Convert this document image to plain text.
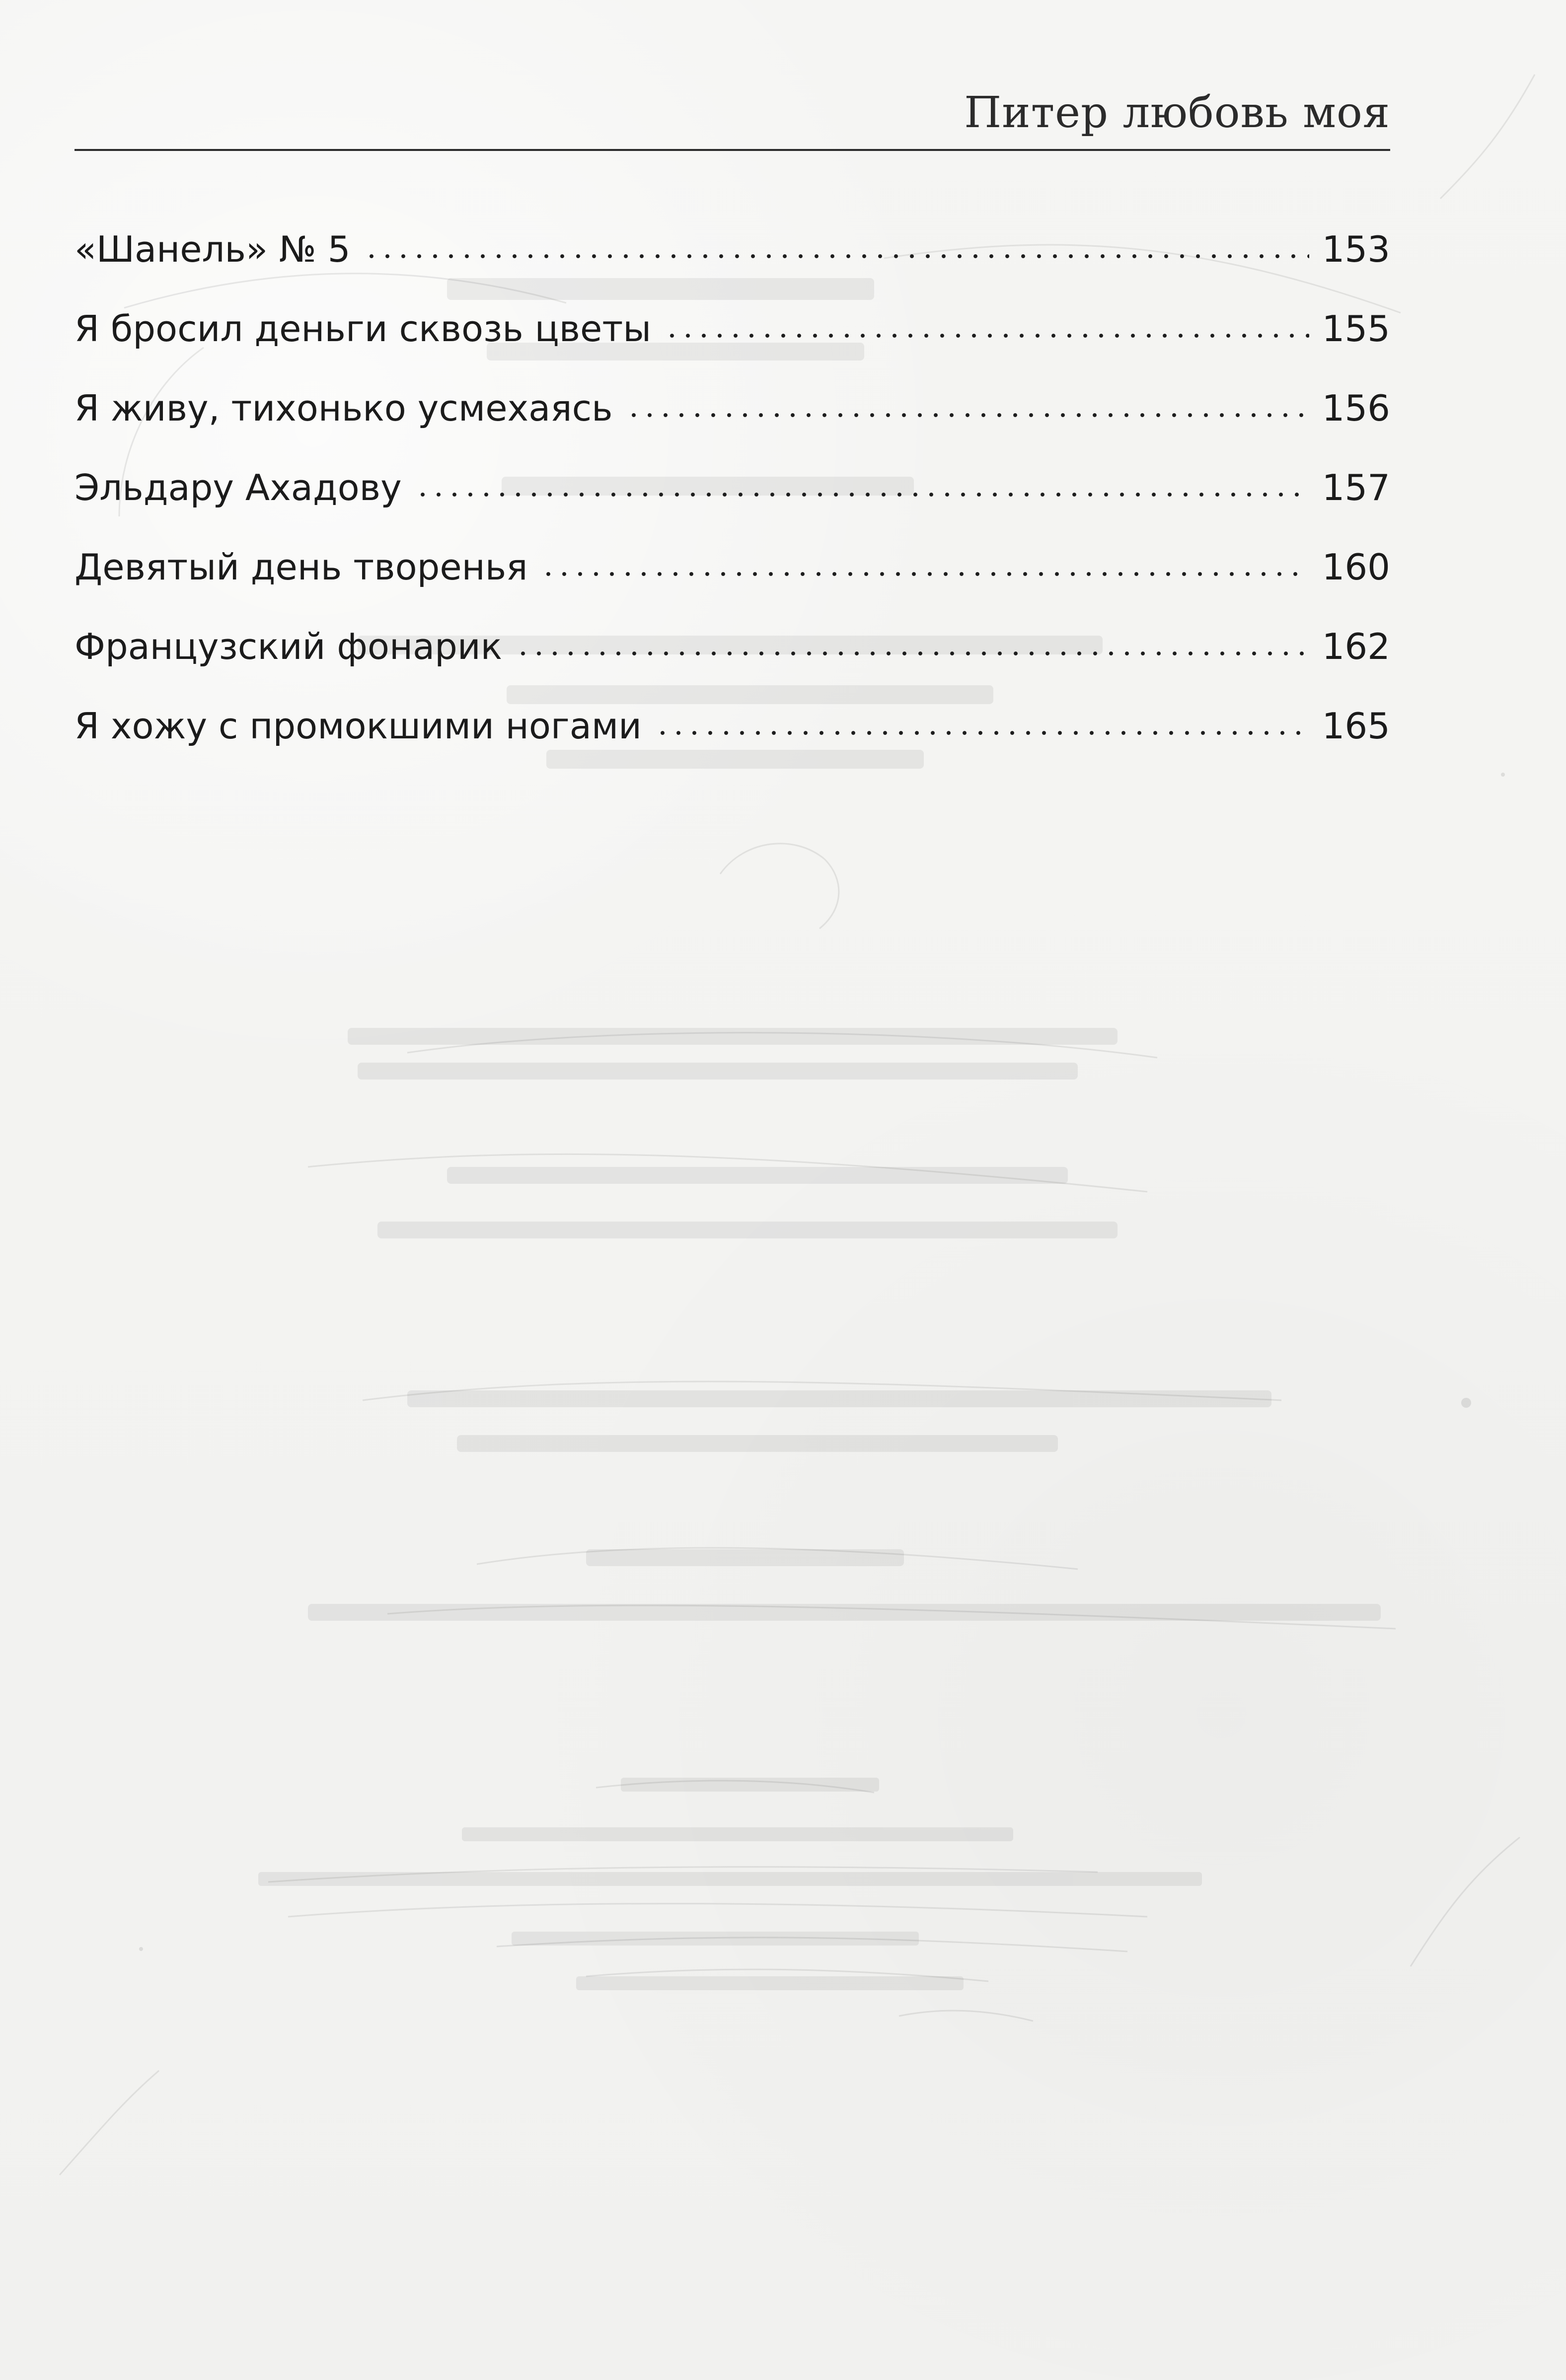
Питер любовь моя
«Шанель» № 5	153
Я бросил деньги сквозь цветы	155
Я живу, тихонько усмехаясь	156
Эльдару Ахадову	157
Девятый день творенья	160
Французский фонарик	162
Я хожу с промокшими ногами	165
